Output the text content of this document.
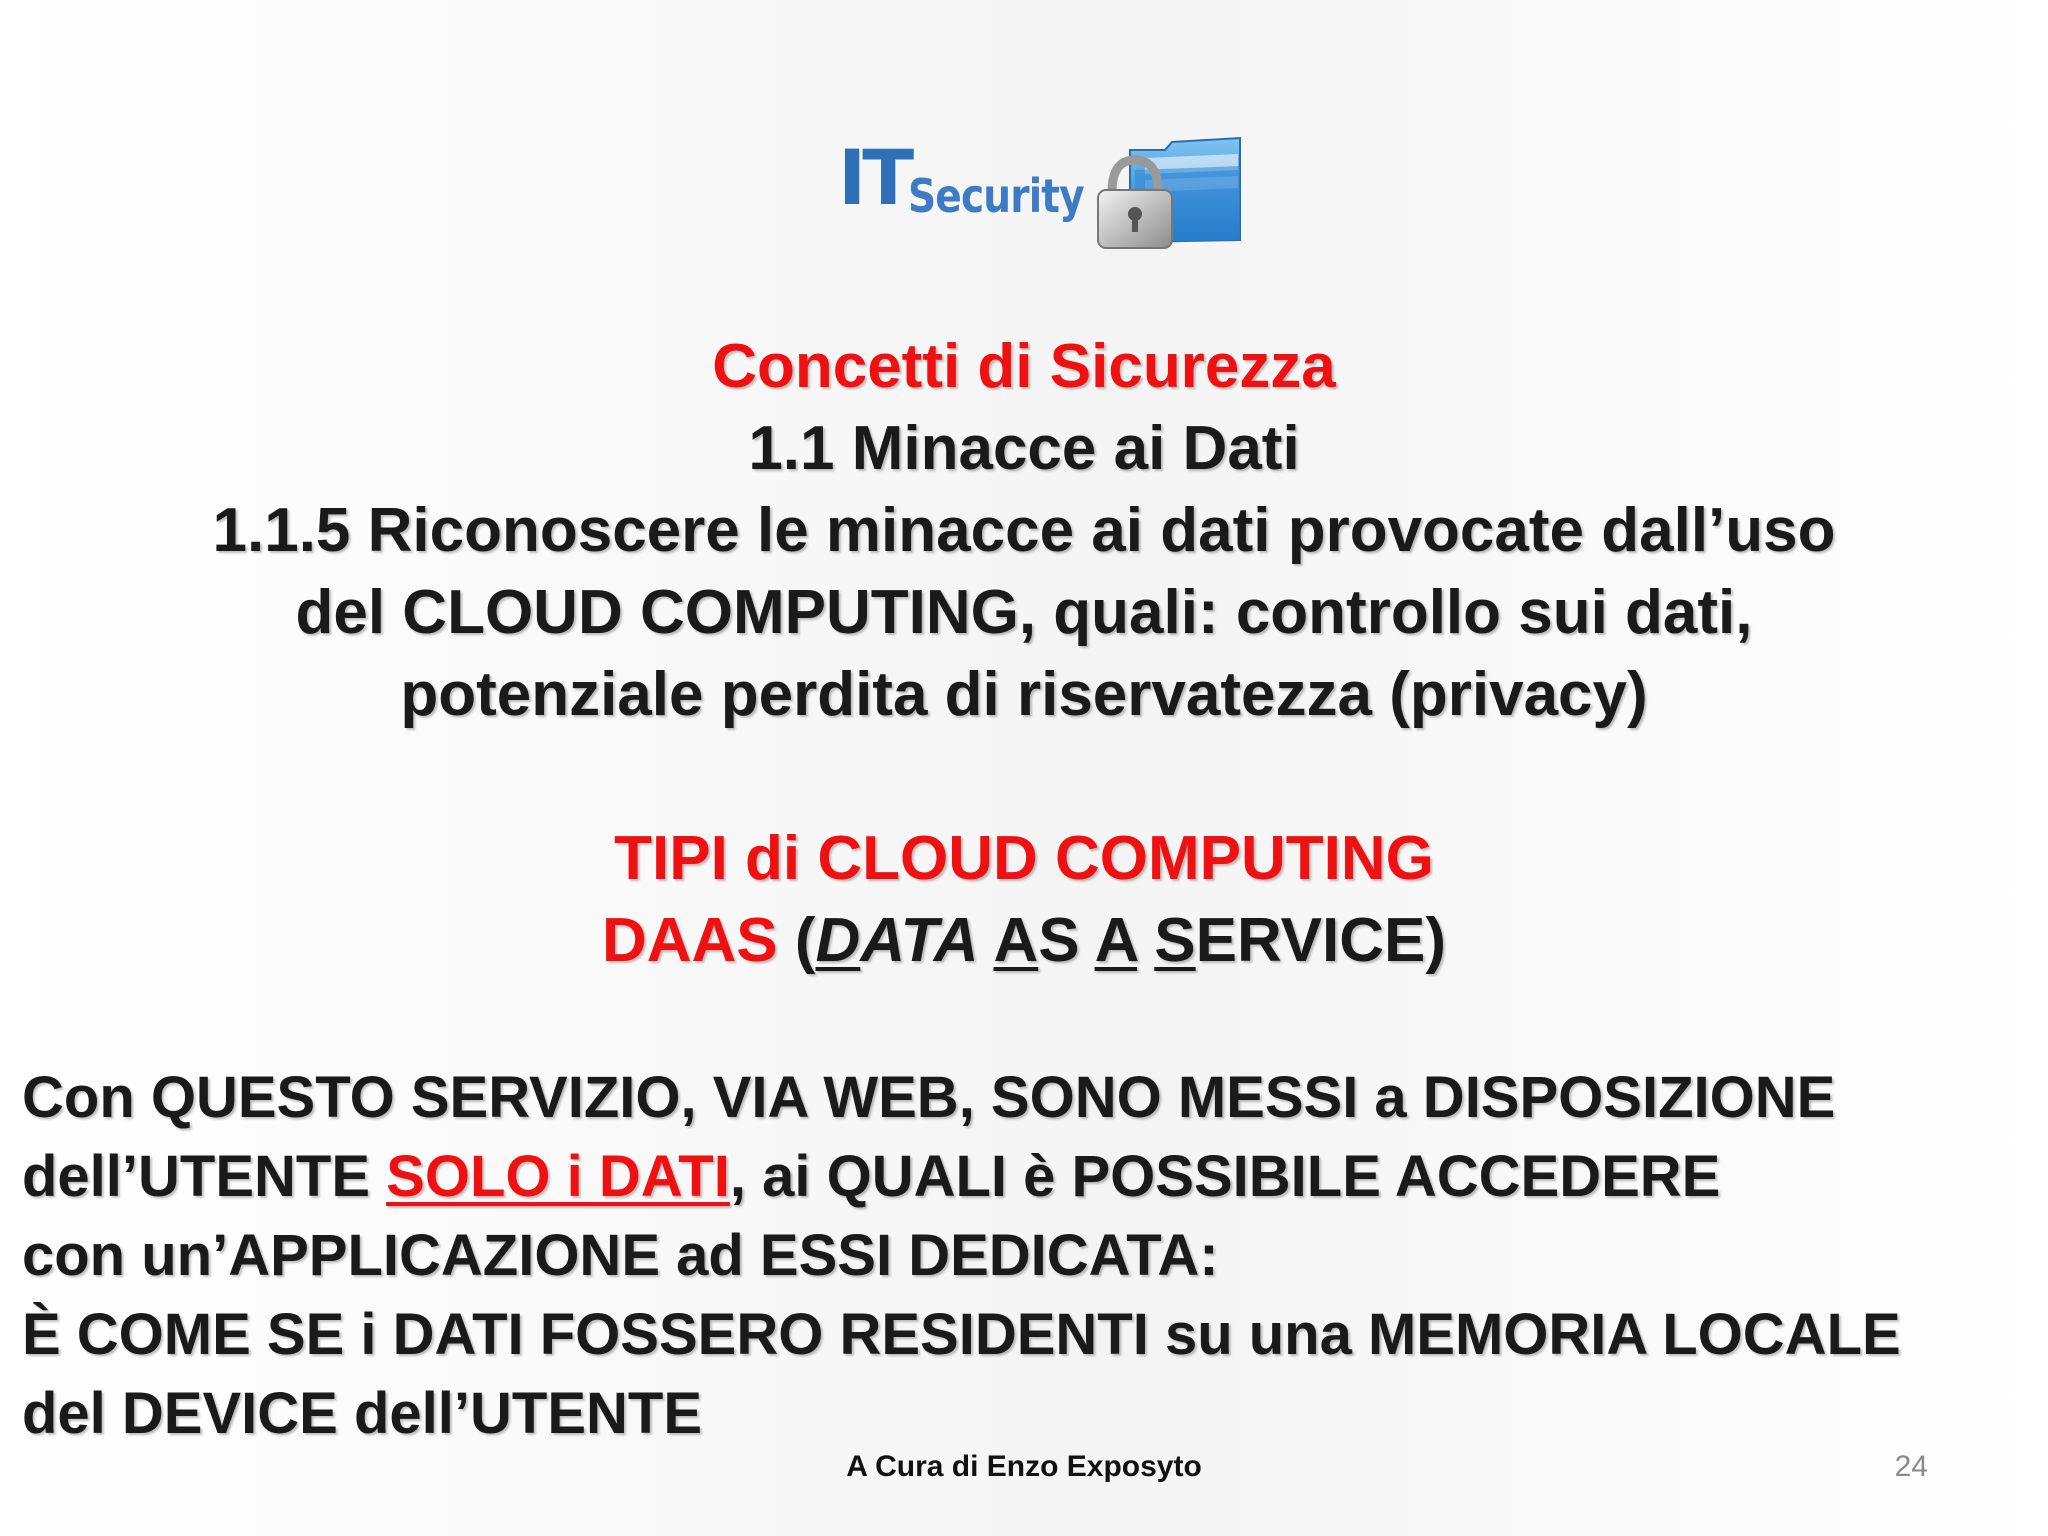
IT
Security
Concetti di Sicurezza
1.1 Minacce ai Dati
1.1.5 Riconoscere le minacce ai dati provocate dall’uso
del CLOUD COMPUTING, quali: controllo sui dati,
potenziale perdita di riservatezza (privacy)
TIPI di CLOUD COMPUTING
DAAS (DATA AS A SERVICE)
Con QUESTO SERVIZIO, VIA WEB, SONO MESSI a DISPOSIZIONE
dell’UTENTE SOLO i DATI, ai QUALI è POSSIBILE ACCEDERE
con un’APPLICAZIONE ad ESSI DEDICATA:
È COME SE i DATI FOSSERO RESIDENTI su una MEMORIA LOCALE
del DEVICE dell’UTENTE
A Cura di Enzo Exposyto	24
